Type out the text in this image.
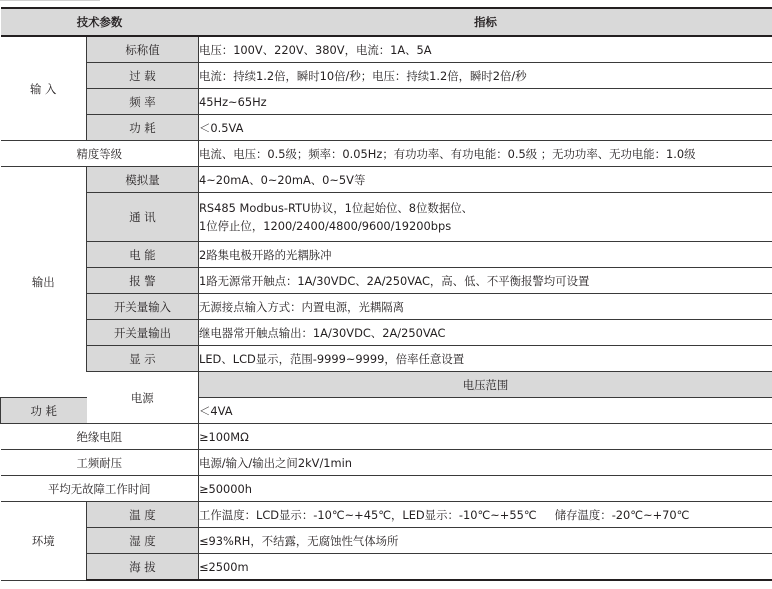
技术参数		指标	
输 入	标称值	电压：100V、220V、380V，电流：1A、5A	
	过 载	电流：持续1.2倍，瞬时10倍/秒；电压：持续1.2倍，瞬时2倍/秒	
	频 率	45Hz~65Hz	
	功 耗	＜0.5VA	
精度等级		电流、电压：0.5级；频率：0.05Hz；有功功率、有功电能：0.5级 ；无功功率、无功电能：1.0级	
输出	模拟量	4~20mA、0~20mA、0~5V等	
	通 讯	RS485 Modbus-RTU协议，1位起始位、8位数据位、
1位停止位，1200/2400/4800/9600/19200bps	

	电 能	2路集电极开路的光耦脉冲	
	报 警	1路无源常开触点：1A/30VDC、2A/250VAC，高、低、不平衡报警均可设置	
	开关量输入	无源接点输入方式：内置电源，光耦隔离	
	开关量输出	继电器常开触点输出：1A/30VDC、2A/250VAC	
	显 示	LED、LCD显示，范围-9999~9999，倍率任意设置	
	电源	电压范围	
功 耗		＜4VA	
绝缘电阻		≥100MΩ	
工频耐压		电源/输入/输出之间2kV/1min	
平均无故障工作时间		≥50000h	
环境	温 度	工作温度：LCD显示：-10℃~+45℃，LED显示：-10℃~+55℃     储存温度：-20℃~+70℃	
	湿 度	≤93%RH，不结露，无腐蚀性气体场所	
	海 拔	≤2500m	
